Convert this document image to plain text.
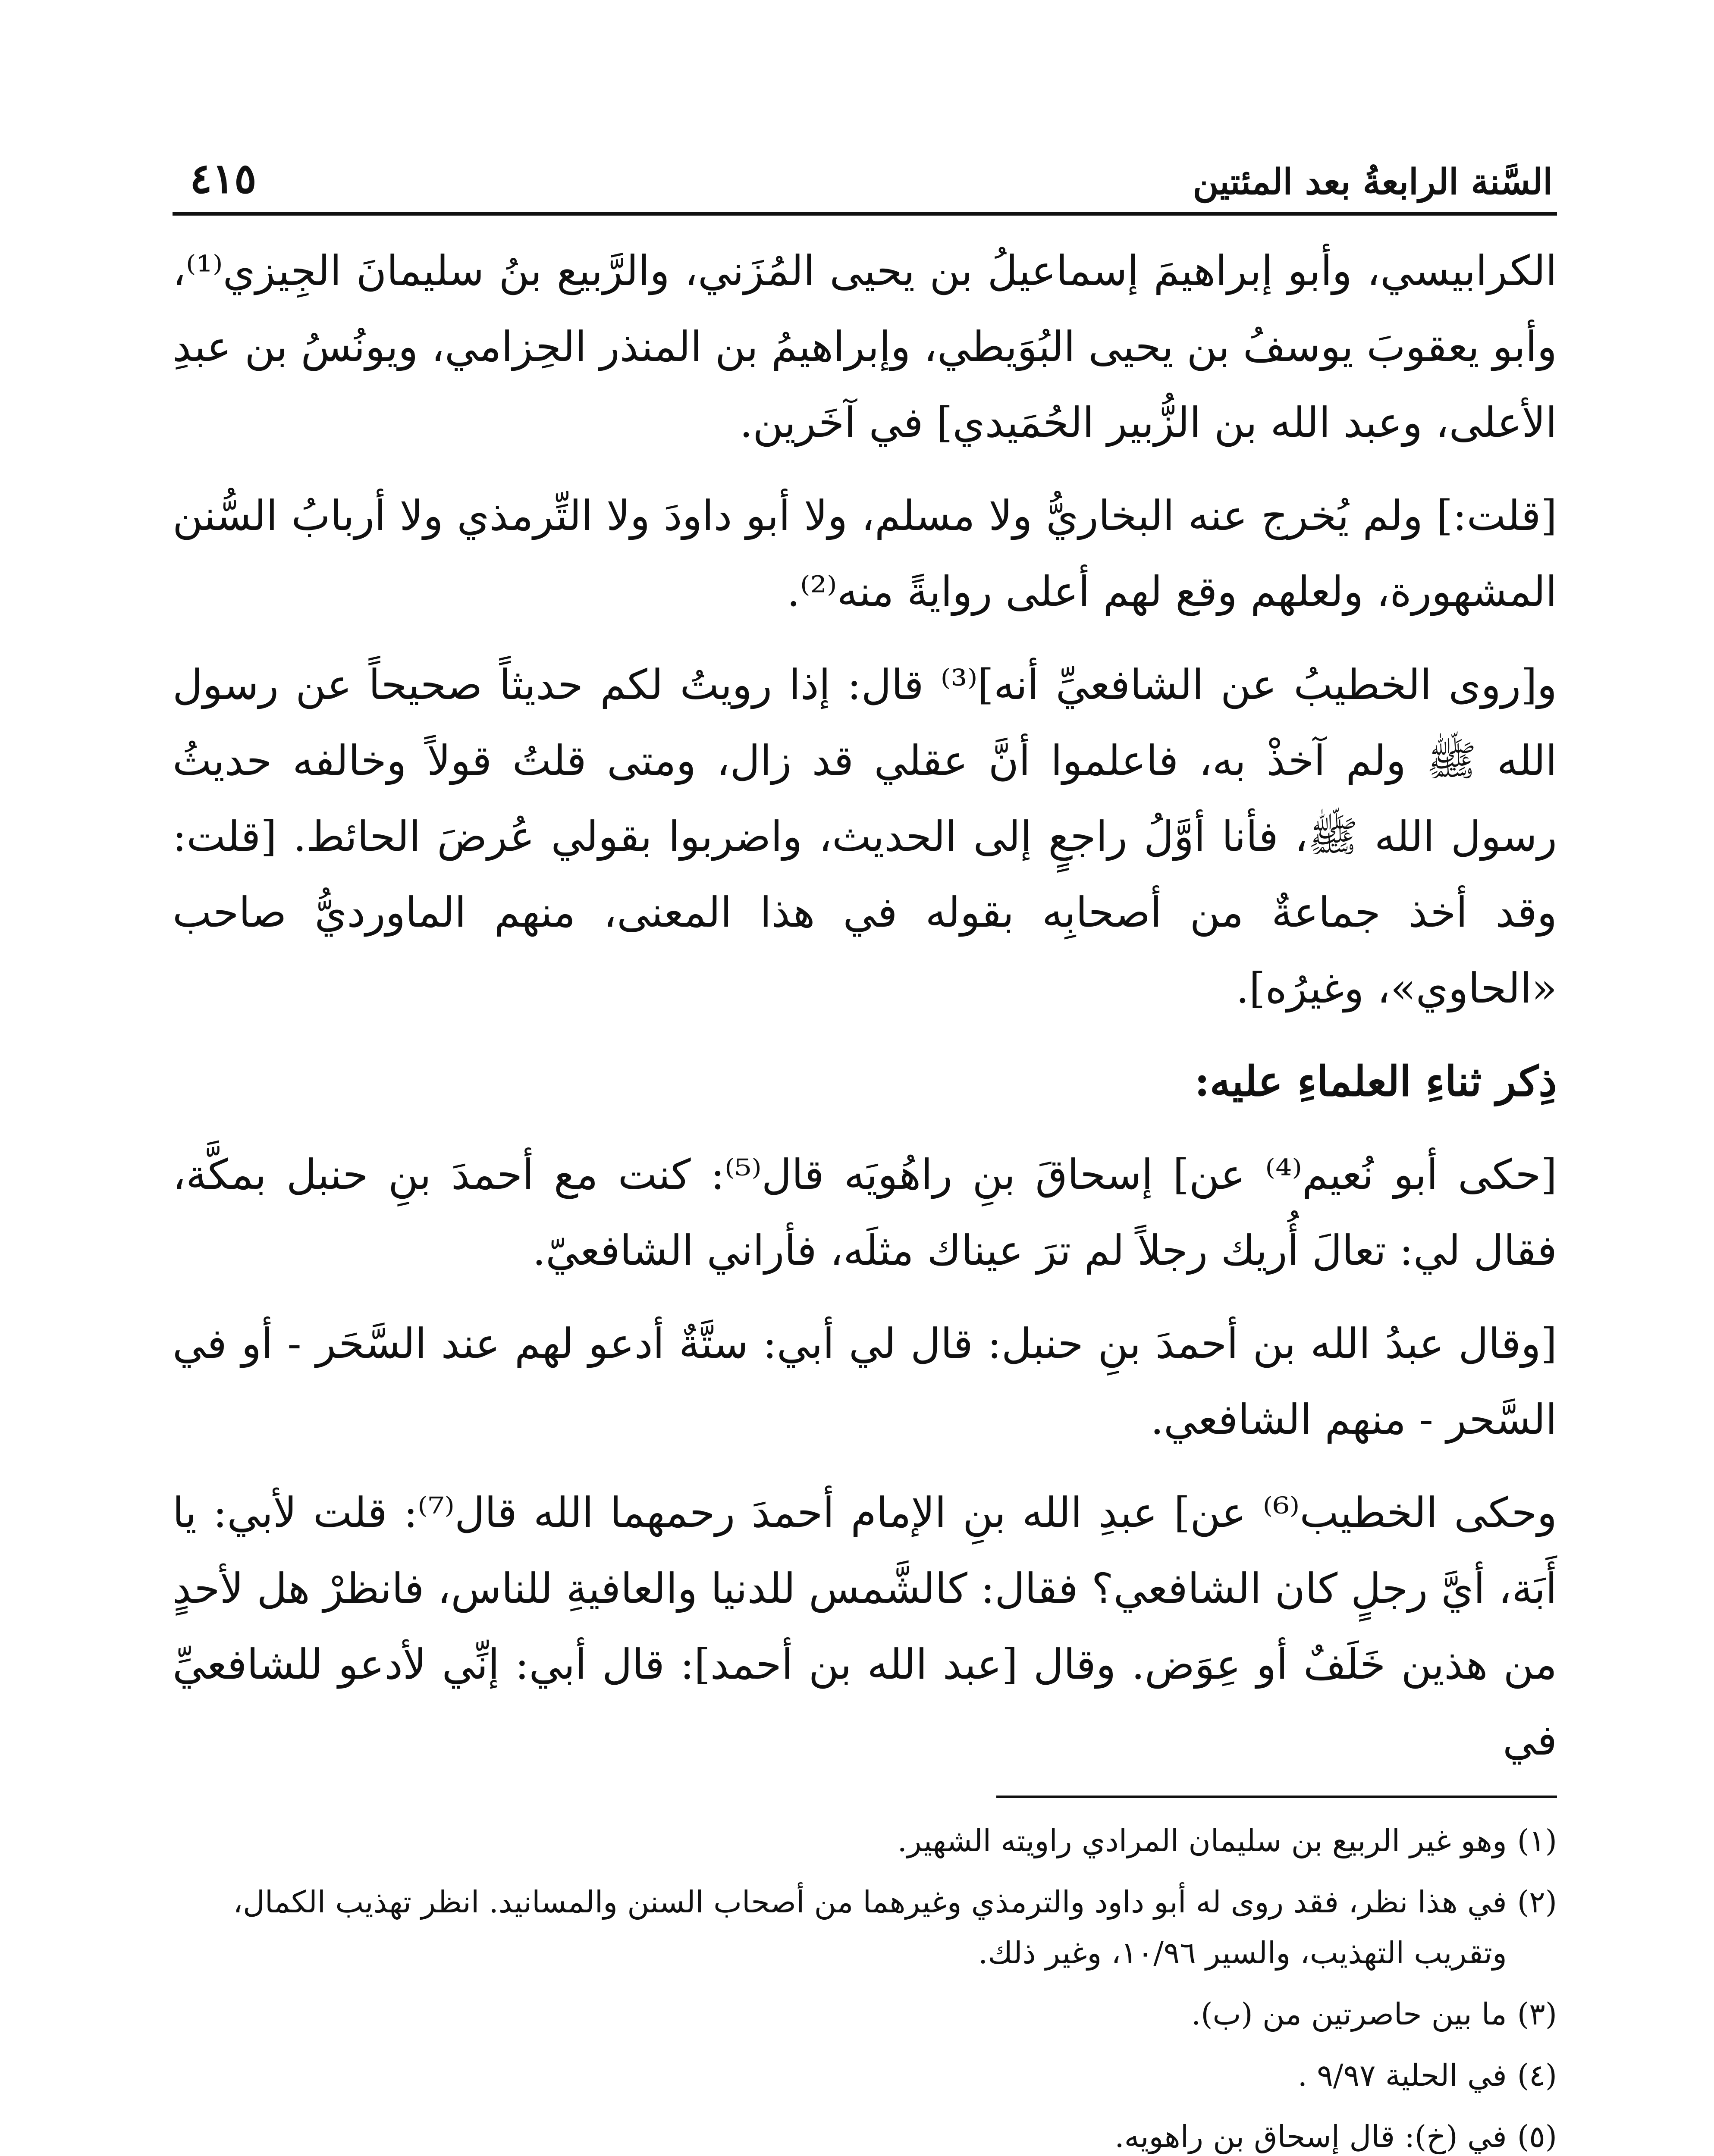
السَّنة الرابعةُ بعد المئتين
٤١٥

الكرابيسي، وأبو إبراهيمَ إسماعيلُ بن يحيى المُزَني، والرَّبيع بنُ سليمانَ الجِيزي⁽¹⁾، وأبو يعقوبَ يوسفُ بن يحيى البُوَيطي، وإبراهيمُ بن المنذر الحِزامي، ويونُسُ بن عبدِ الأعلى، وعبد الله بن الزُّبير الحُمَيدي] في آخَرين.

[قلت:] ولم يُخرج عنه البخاريُّ ولا مسلم، ولا أبو داودَ ولا التِّرمذي ولا أربابُ السُّنن المشهورة، ولعلهم وقع لهم أعلى روايةً منه⁽²⁾.

و[روى الخطيبُ عن الشافعيِّ أنه]⁽³⁾ قال: إذا رويتُ لكم حديثاً صحيحاً عن رسول الله ﷺ ولم آخذْ به، فاعلموا أنَّ عقلي قد زال، ومتى قلتُ قولاً وخالفه حديثُ رسول الله ﷺ، فأنا أوَّلُ راجعٍ إلى الحديث، واضربوا بقولي عُرضَ الحائط. [قلت: وقد أخذ جماعةٌ من أصحابِه بقوله في هذا المعنى، منهم الماورديُّ صاحب «الحاوي»، وغيرُه].

ذِكر ثناءِ العلماءِ عليه:

[حكى أبو نُعيم⁽⁴⁾ عن] إسحاقَ بنِ راهُويَه قال⁽⁵⁾: كنت مع أحمدَ بنِ حنبل بمكَّة، فقال لي: تعالَ أُريك رجلاً لم ترَ عيناك مثلَه، فأراني الشافعيّ.

[وقال عبدُ الله بن أحمدَ بنِ حنبل: قال لي أبي: ستَّةٌ أدعو لهم عند السَّحَر - أو في السَّحر - منهم الشافعي.

وحكى الخطيب⁽⁶⁾ عن] عبدِ الله بنِ الإمام أحمدَ رحمهما الله قال⁽⁷⁾: قلت لأبي: يا أَبَة، أيَّ رجلٍ كان الشافعي؟ فقال: كالشَّمس للدنيا والعافيةِ للناس، فانظرْ هل لأحدٍ من هذين خَلَفٌ أو عِوَض. وقال [عبد الله بن أحمد]: قال أبي: إنِّي لأدعو للشافعيِّ في

(١)
وهو غير الربيع بن سليمان المرادي راويته الشهير.
(٢)
في هذا نظر، فقد روى له أبو داود والترمذي وغيرهما من أصحاب السنن والمسانيد. انظر تهذيب الكمال، وتقريب التهذيب، والسير ١٠/٩٦، وغير ذلك.
(٣)
ما بين حاصرتين من (ب).
(٤)
في الحلية ٩/٩٧ .
(٥)
في (خ): قال إسحاق بن راهويه.
